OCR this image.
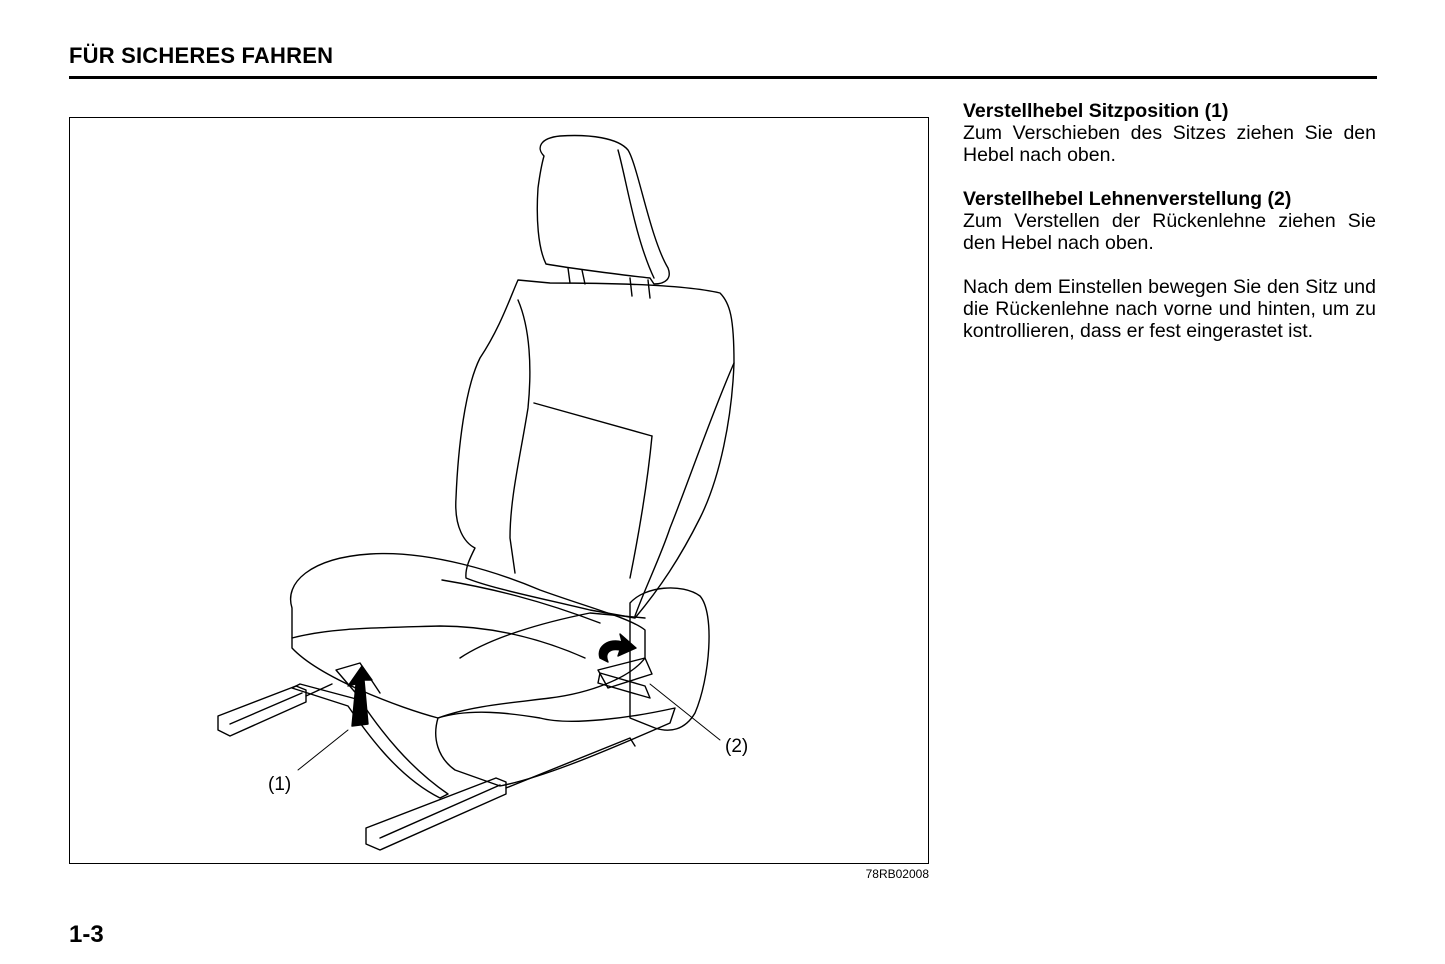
FÜR SICHERES FAHREN
(1)
(2)
78RB02008
Verstellhebel Sitzposition (1)

Zum Verschieben des Sitzes ziehen Sie den Hebel nach oben.

Verstellhebel Lehnenverstellung (2)

Zum Verstellen der Rückenlehne ziehen Sie den Hebel nach oben.

Nach dem Einstellen bewegen Sie den Sitz und die Rückenlehne nach vorne und hinten, um zu kontrollieren, dass er fest eingerastet ist.

1-3
